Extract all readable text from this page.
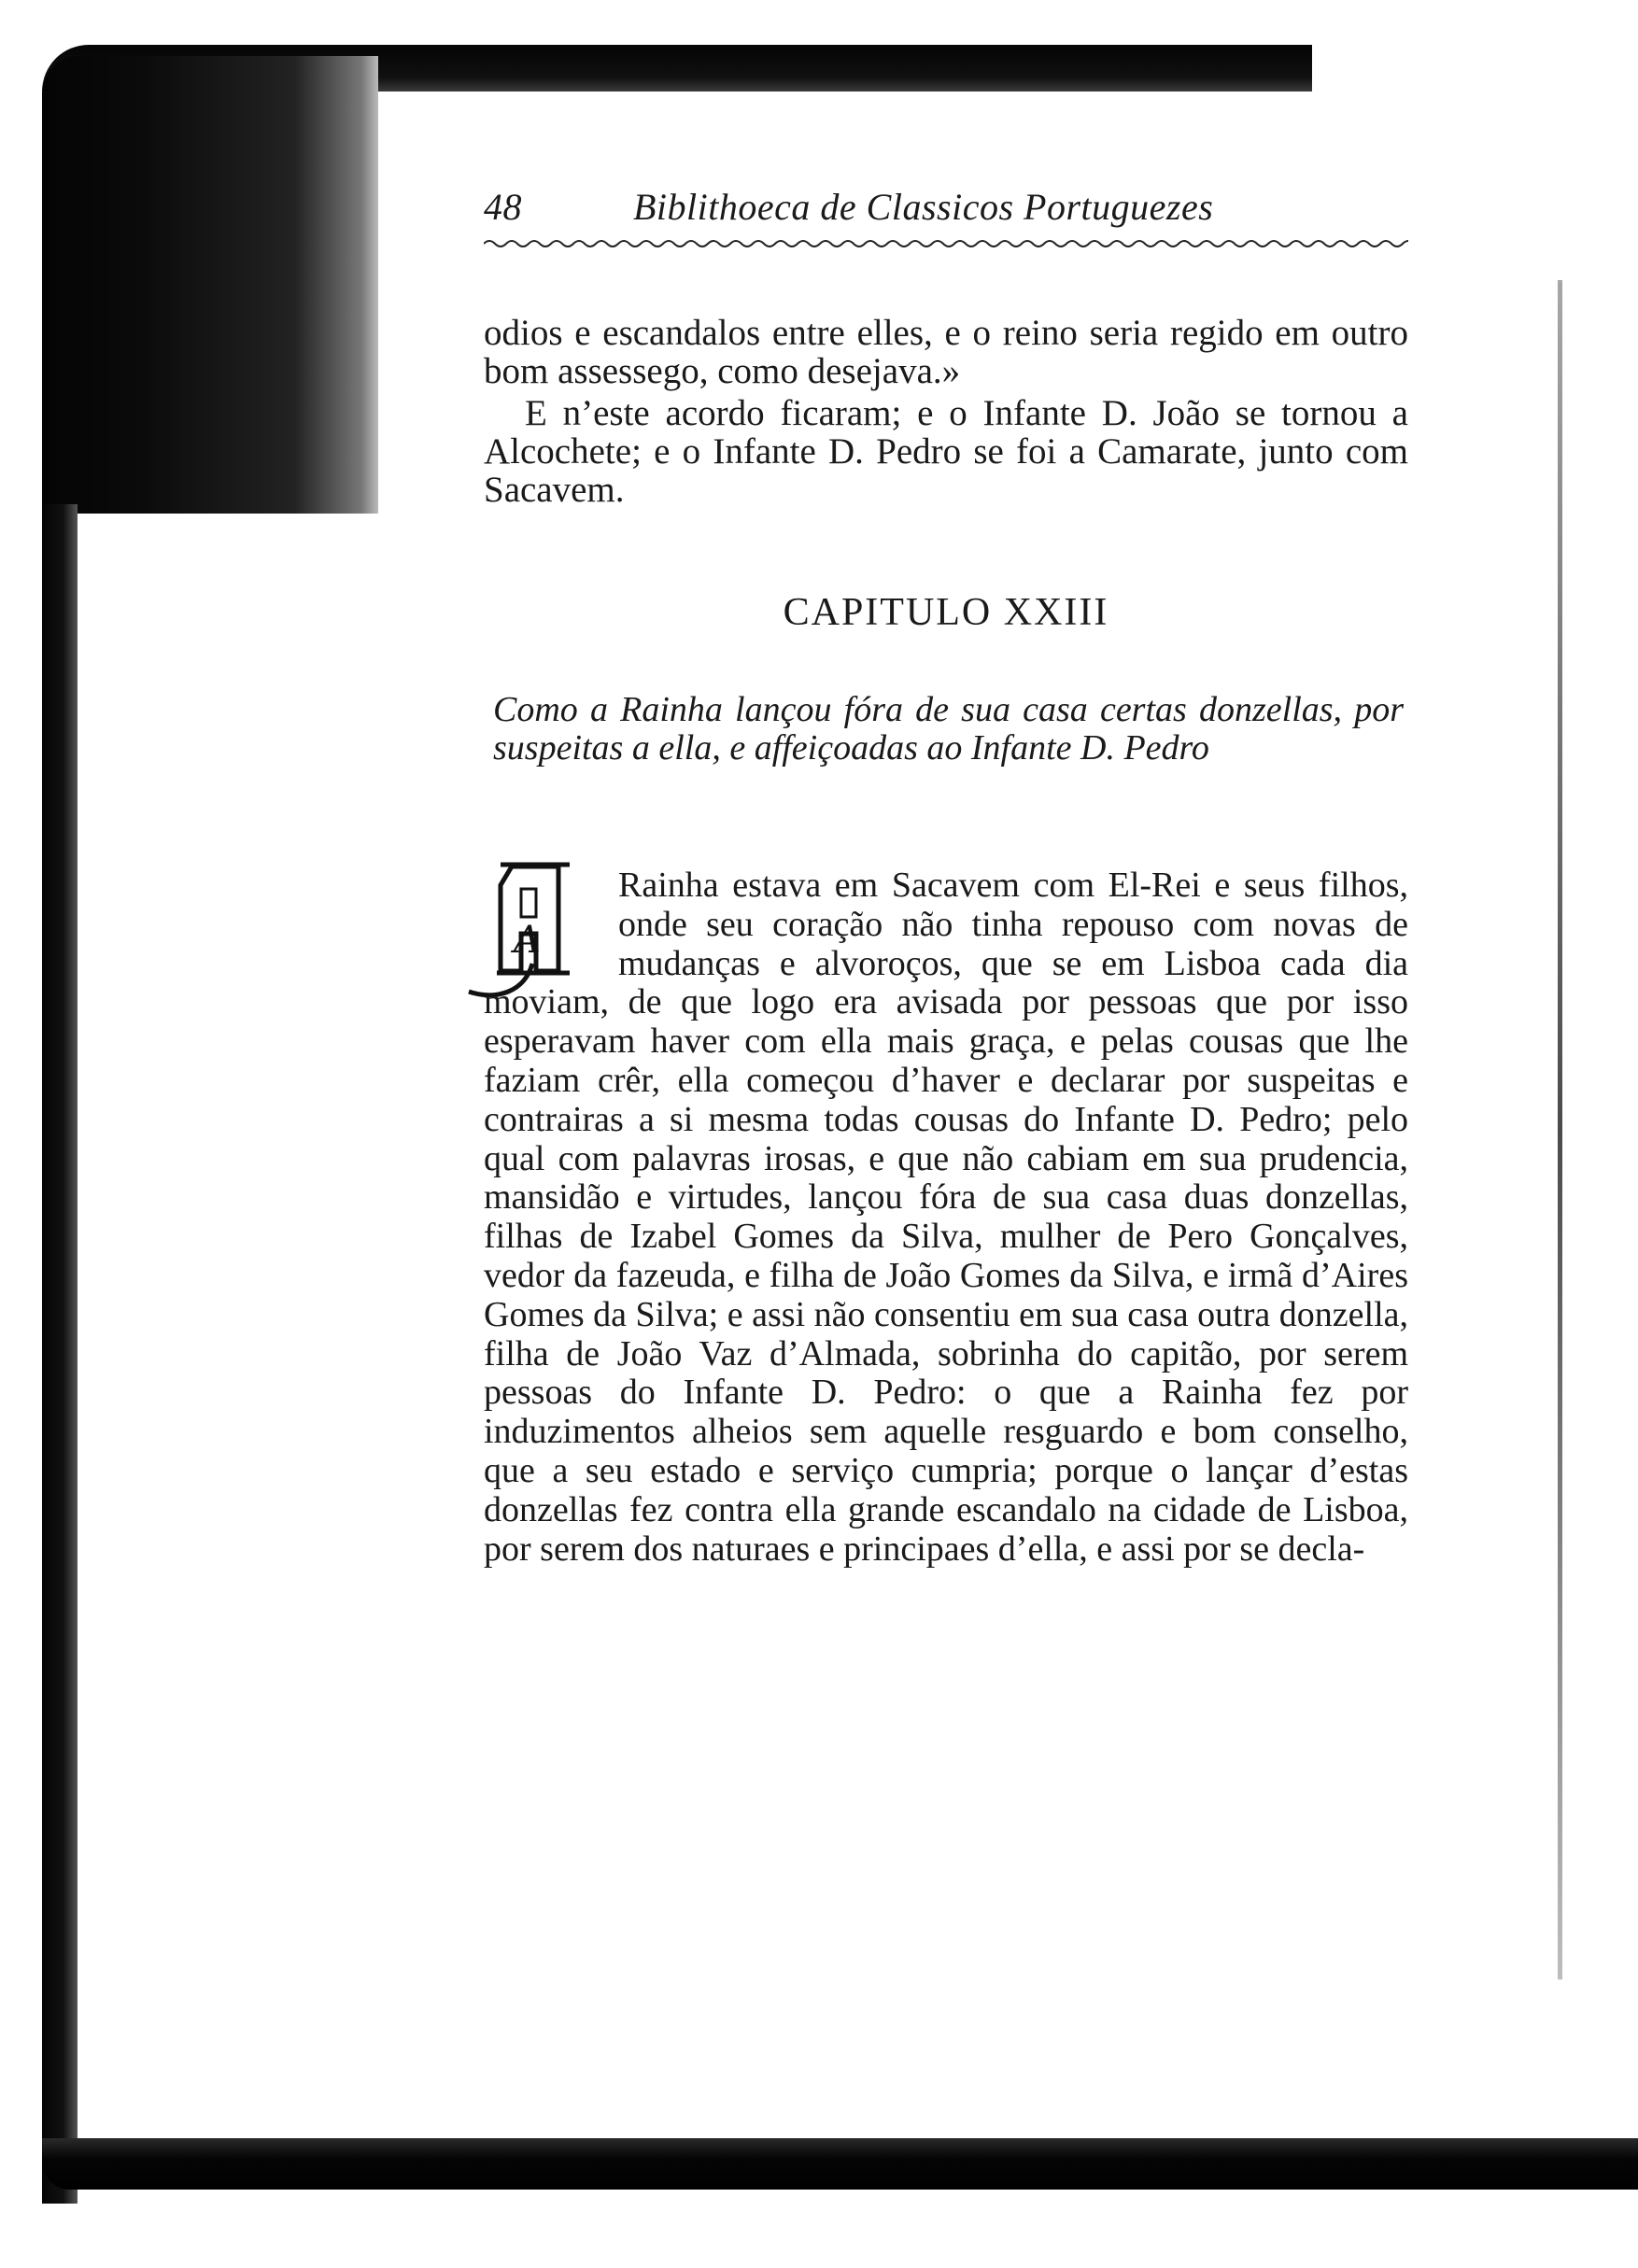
48	Biblithoeca de Classicos Portuguezes
odios e escandalos entre elles, e o reino seria regido em outro bom assessego, como desejava.»
E n’este acordo ficaram; e o Infante D. João se tornou a Alcochete; e o Infante D. Pedro se foi a Camarate, junto com Sacavem.
CAPITULO XXIII
Como a Rainha lançou fóra de sua casa certas donzellas, por suspeitas a ella, e affeiçoadas ao Infante D. Pedro
A
Rainha estava em Sacavem com El-Rei e seus filhos, onde seu coração não tinha repouso com novas de mudanças e alvoroços, que se em Lisboa cada dia moviam, de que logo era avisada por pessoas que por isso esperavam haver com ella mais graça, e pelas cousas que lhe faziam crêr, ella começou d’haver e declarar por suspeitas e contrairas a si mesma todas cousas do Infante D. Pedro; pelo qual com palavras irosas, e que não cabiam em sua prudencia, mansidão e virtudes, lançou fóra de sua casa duas donzellas, filhas de Izabel Gomes da Silva, mulher de Pero Gonçalves, vedor da fazeuda, e filha de João Gomes da Silva, e irmã d’Aires Gomes da Silva; e assi não consentiu em sua casa outra donzella, filha de João Vaz d’Almada, sobrinha do capitão, por serem pessoas do Infante D. Pedro: o que a Rainha fez por induzimentos alheios sem aquelle resguardo e bom conselho, que a seu estado e serviço cumpria; porque o lançar d’estas donzellas fez contra ella grande escandalo na cidade de Lisboa, por serem dos naturaes e principaes d’ella, e assi por se decla-
